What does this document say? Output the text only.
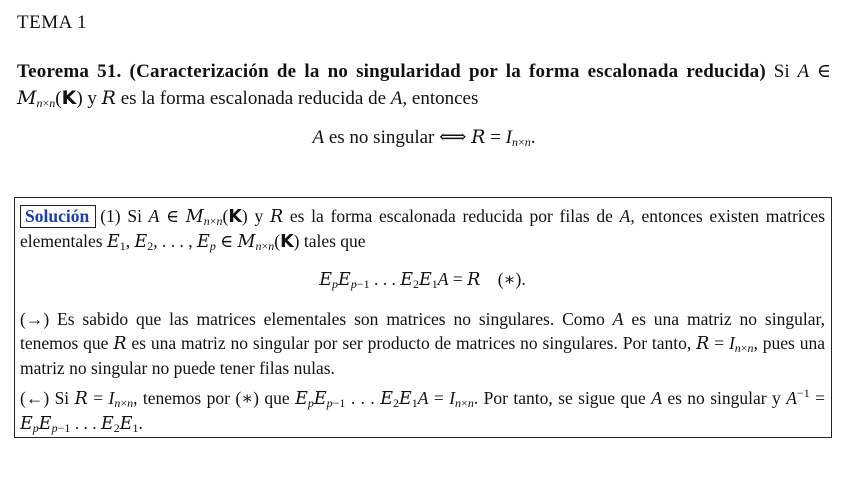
TEMA 1
Teorema 51. (Caracterización de la no singularidad por la forma escalonada reducida) Si A ∈ $M_{n\times n}(K)$ y R es la forma escalonada reducida de A, entonces
A es no singular ⟺ $R = I_{n\times n}$.

Solución (1) Si A ∈ $M_{n\times n}(K)$ y R es la forma escalonada reducida por filas de A, entonces existen matrices elementales $E_1$, $E_2$, . . . , $E_p$ ∈ $M_{n\times n}(K)$ tales que

$E_pE_{p-1}$ . . . $E_2E_1A = R$    (∗).

(→) Es sabido que las matrices elementales son matrices no singulares. Como A es una matriz no singular, tenemos que R es una matriz no singular por ser producto de matrices no singulares. Por tanto, $R = I_{n\times n}$, pues una matriz no singular no puede tener filas nulas.

(←) Si $R = I_{n\times n}$, tenemos por (∗) que $E_pE_{p-1}$ . . . $E_2E_1A = I_{n\times n}$. Por tanto, se sigue que A es no singular y $A^{-1} = E_pE_{p-1}$ . . . $E_2E_1$.
